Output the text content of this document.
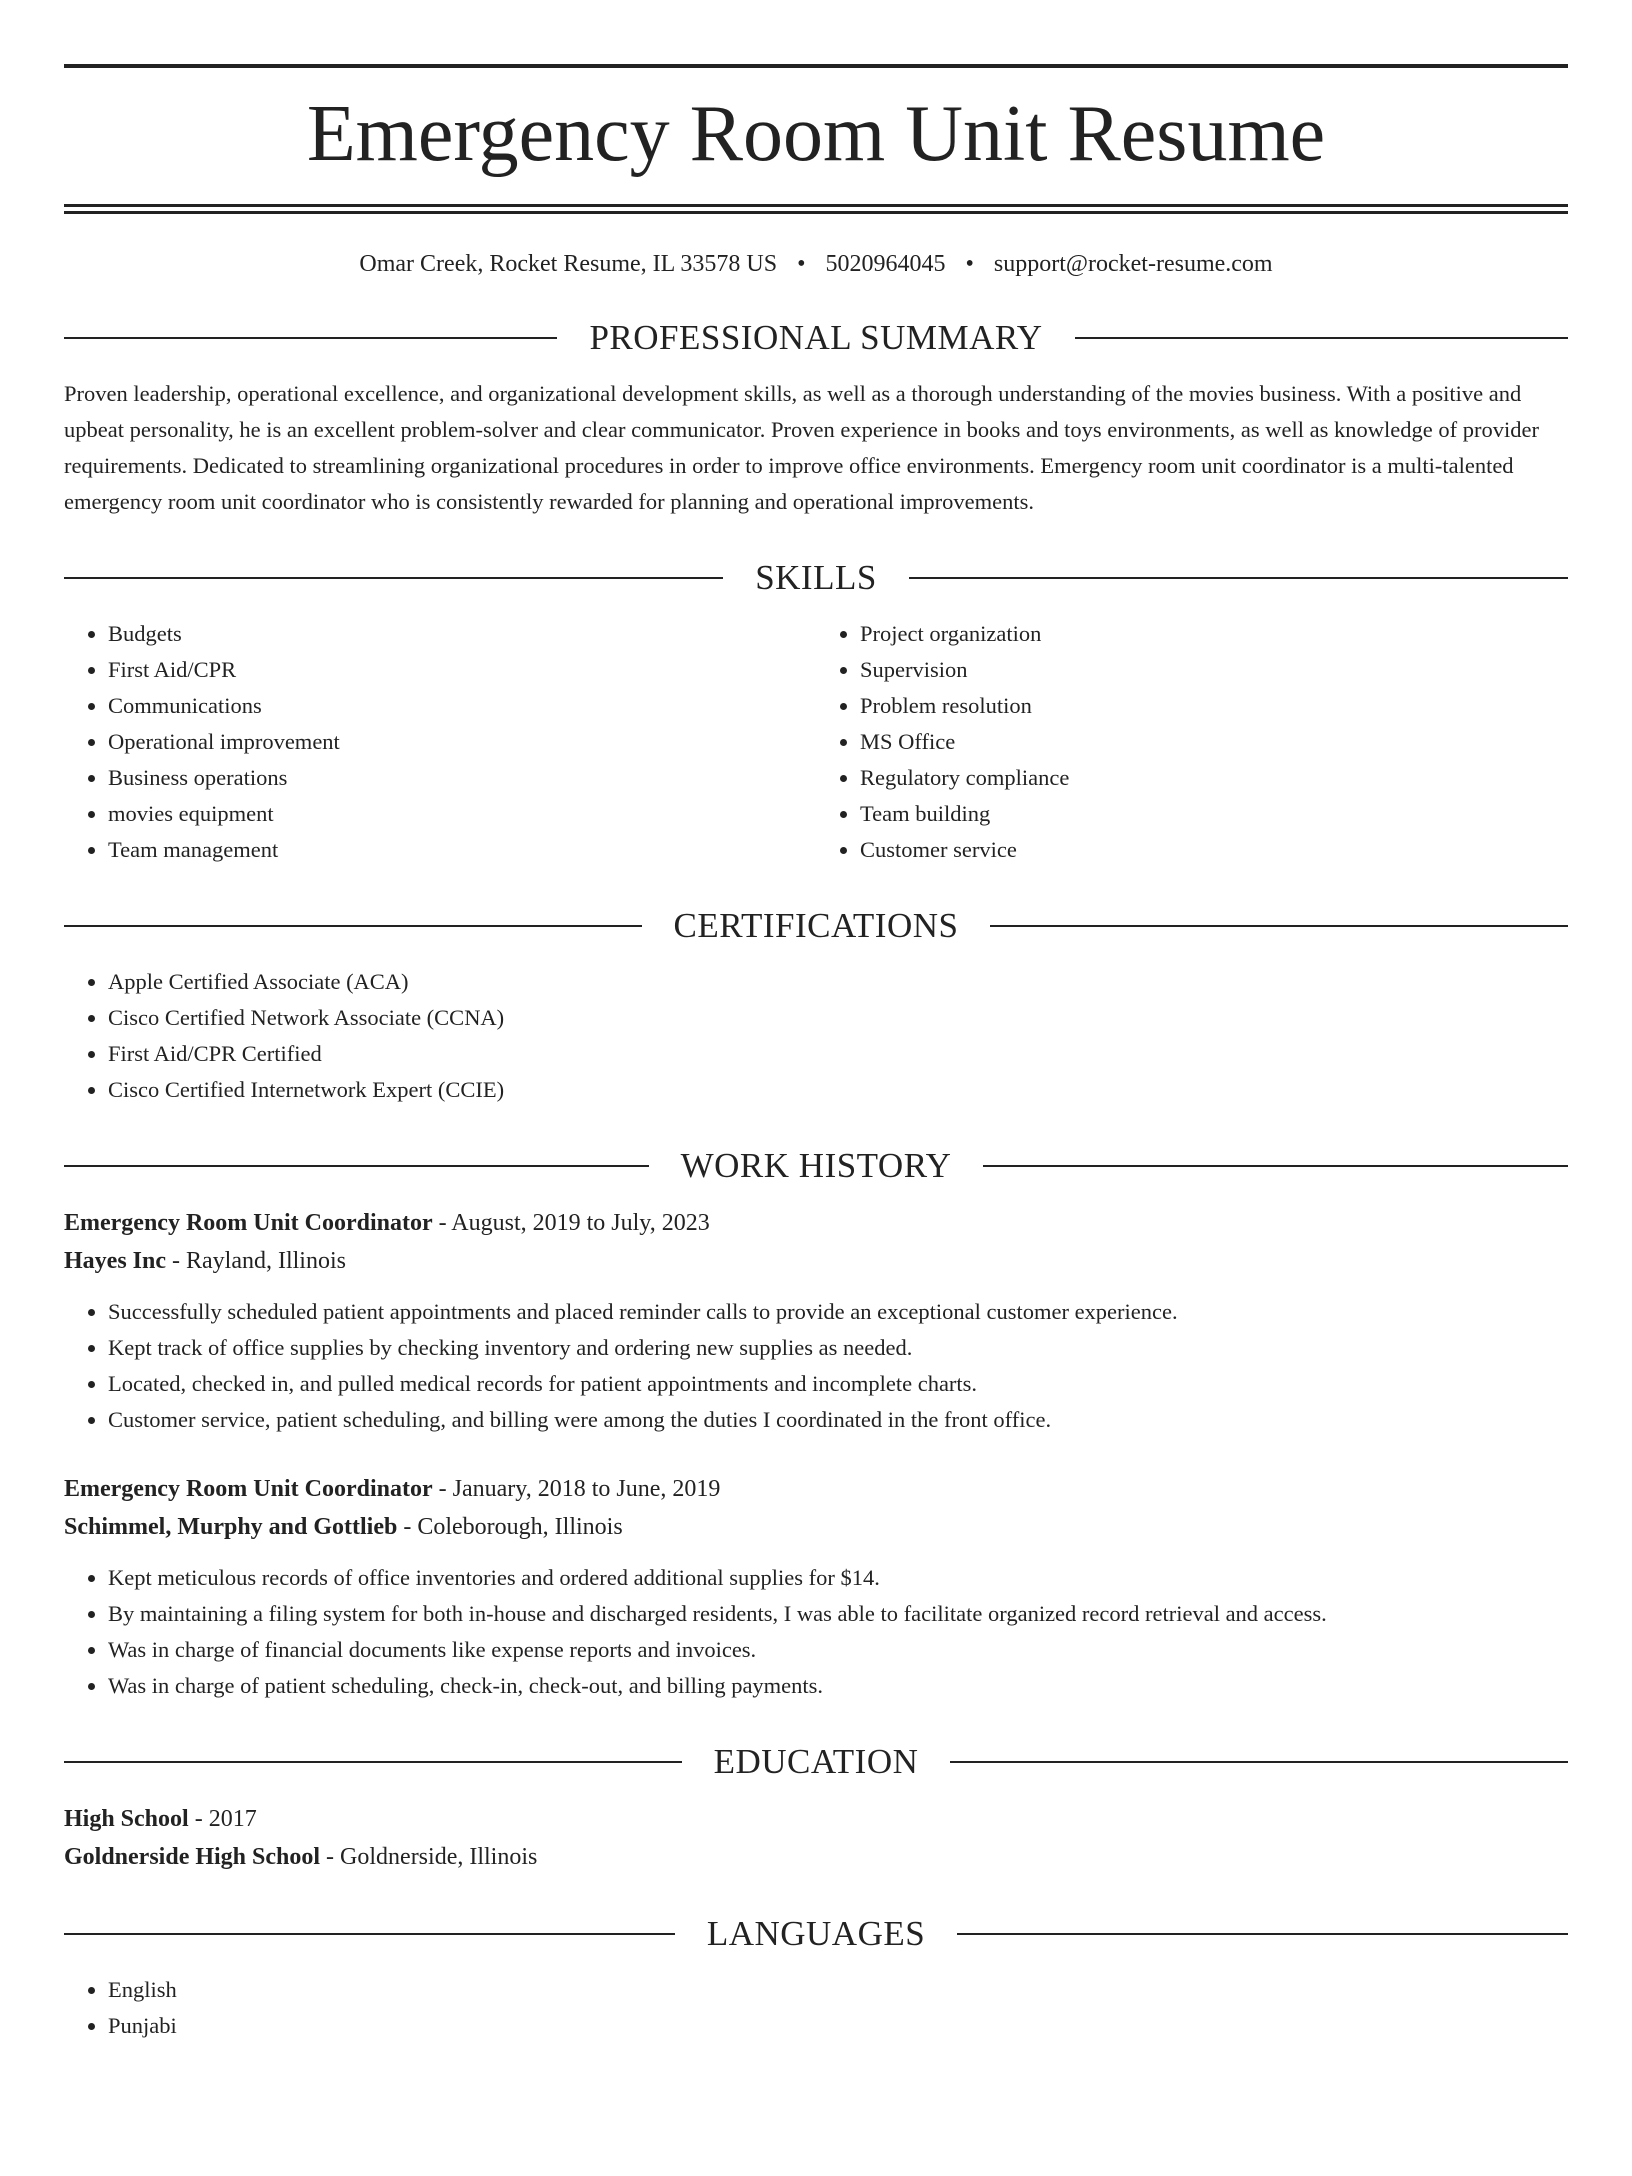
Emergency Room Unit Resume
Omar Creek, Rocket Resume, IL 33578 US • 5020964045 • support@rocket-resume.com
PROFESSIONAL SUMMARY

Proven leadership, operational excellence, and organizational development skills, as well as a thorough understanding of the movies business. With a positive and upbeat personality, he is an excellent problem-solver and clear communicator. Proven experience in books and toys environments, as well as knowledge of provider requirements. Dedicated to streamlining organizational procedures in order to improve office environments. Emergency room unit coordinator is a multi-talented emergency room unit coordinator who is consistently rewarded for planning and operational improvements.

SKILLS
• Budgets
• First Aid/CPR
• Communications
• Operational improvement
• Business operations
• movies equipment
• Team management
• Project organization
• Supervision
• Problem resolution
• MS Office
• Regulatory compliance
• Team building
• Customer service
CERTIFICATIONS
• Apple Certified Associate (ACA)
• Cisco Certified Network Associate (CCNA)
• First Aid/CPR Certified
• Cisco Certified Internetwork Expert (CCIE)
WORK HISTORY
Emergency Room Unit Coordinator - August, 2019 to July, 2023
Hayes Inc - Rayland, Illinois
• Successfully scheduled patient appointments and placed reminder calls to provide an exceptional customer experience.
• Kept track of office supplies by checking inventory and ordering new supplies as needed.
• Located, checked in, and pulled medical records for patient appointments and incomplete charts.
• Customer service, patient scheduling, and billing were among the duties I coordinated in the front office.
Emergency Room Unit Coordinator - January, 2018 to June, 2019
Schimmel, Murphy and Gottlieb - Coleborough, Illinois
• Kept meticulous records of office inventories and ordered additional supplies for $14.
• By maintaining a filing system for both in-house and discharged residents, I was able to facilitate organized record retrieval and access.
• Was in charge of financial documents like expense reports and invoices.
• Was in charge of patient scheduling, check-in, check-out, and billing payments.
EDUCATION
High School - 2017
Goldnerside High School - Goldnerside, Illinois
LANGUAGES
• English
• Punjabi
